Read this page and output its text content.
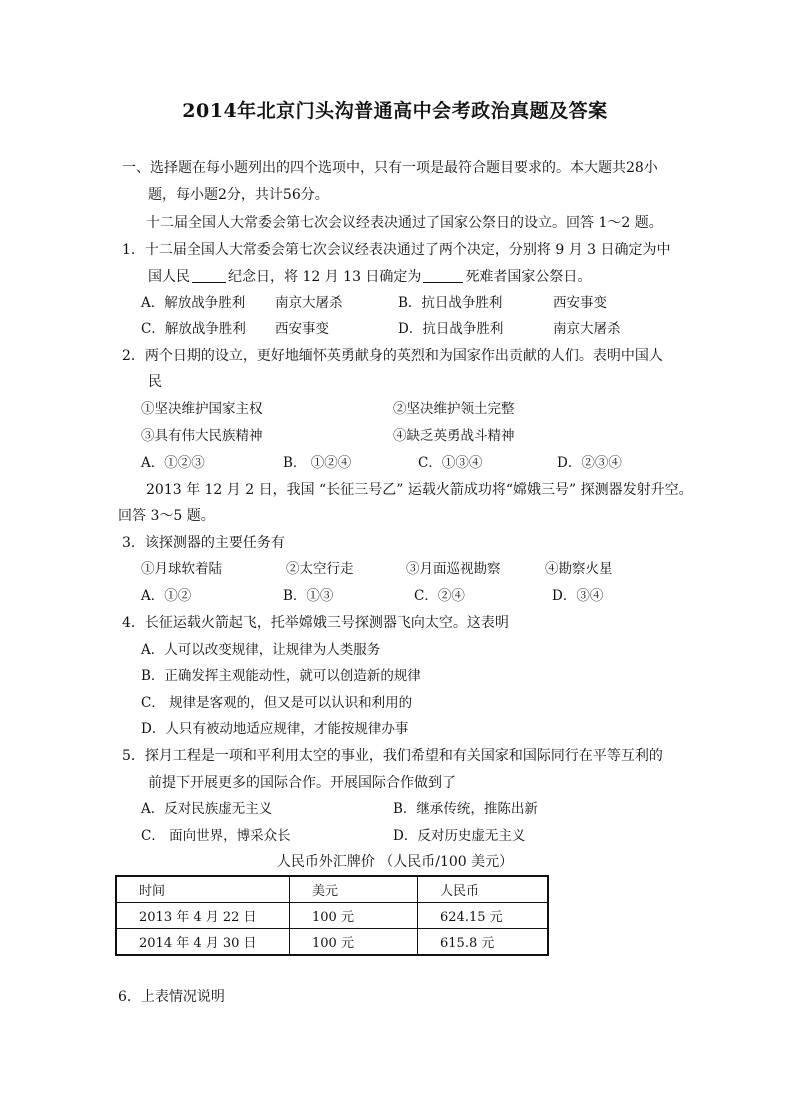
2014年北京门头沟普通高中会考政治真题及答案
一、选择题在每小题列出的四个选项中，只有一项是最符合题目要求的。本大题共28小
题，每小题2分，共计56分。
十二届全国人大常委会第七次会议经表决通过了国家公祭日的设立。回答 1～2 题。
1．十二届全国人大常委会第七次会议经表决通过了两个决定，分别将 9 月 3 日确定为中
国人民	纪念日，将 12 月 13 日确定为	死难者国家公祭日。
A．解放战争胜利 南京大屠杀	B．抗日战争胜利	西安事变
C．解放战争胜利 西安事变	D．抗日战争胜利	南京大屠杀
2．两个日期的设立，更好地缅怀英勇献身的英烈和为国家作出贡献的人们。表明中国人
民
①坚决维护国家主权	②坚决维护领土完整
③具有伟大民族精神	④缺乏英勇战斗精神
A．①②③	B． ①②④	C．①③④	D．②③④
2013 年 12 月 2 日，我国 “长征三号乙” 运载火箭成功将“嫦娥三号” 探测器发射升空。
回答 3～5 题。
3．该探测器的主要任务有
①月球软着陆	②太空行走	③月面巡视勘察	④勘察火星
A．①②	B．①③	C．②④	D．③④
4．长征运载火箭起飞，托举嫦娥三号探测器飞向太空。这表明
A．人可以改变规律，让规律为人类服务
B．正确发挥主观能动性，就可以创造新的规律
C． 规律是客观的，但又是可以认识和利用的
D．人只有被动地适应规律，才能按规律办事
5．探月工程是一项和平利用太空的事业，我们希望和有关国家和国际同行在平等互利的
前提下开展更多的国际合作。开展国际合作做到了
A．反对民族虚无主义	B．继承传统，推陈出新
C． 面向世界，博采众长	D．反对历史虚无主义
人民币外汇牌价 （人民币/100 美元）
时间	美元	人民币
2013 年 4 月 22 日	100 元	624.15 元
2014 年 4 月 30 日	100 元	615.8 元
6．上表情况说明
